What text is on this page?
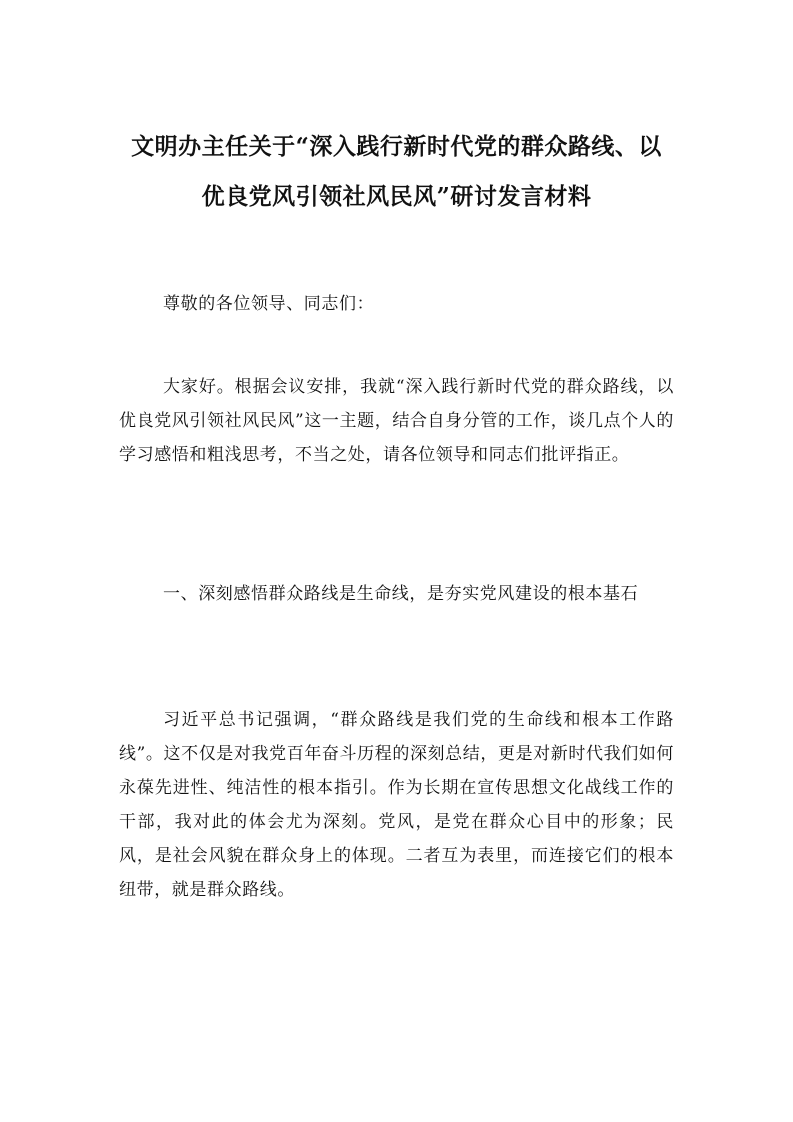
文明办主任关于“深入践行新时代党的群众路线、以
优良党风引领社风民风”研讨发言材料

尊敬的各位领导、同志们：

大家好。根据会议安排，我就“深入践行新时代党的群众路线，以优良党风引领社风民风”这一主题，结合自身分管的工作，谈几点个人的学习感悟和粗浅思考，不当之处，请各位领导和同志们批评指正。

一、深刻感悟群众路线是生命线，是夯实党风建设的根本基石

习近平总书记强调，“群众路线是我们党的生命线和根本工作路线”。这不仅是对我党百年奋斗历程的深刻总结，更是对新时代我们如何永葆先进性、纯洁性的根本指引。作为长期在宣传思想文化战线工作的干部，我对此的体会尤为深刻。党风，是党在群众心目中的形象；民风，是社会风貌在群众身上的体现。二者互为表里，而连接它们的根本纽带，就是群众路线。
